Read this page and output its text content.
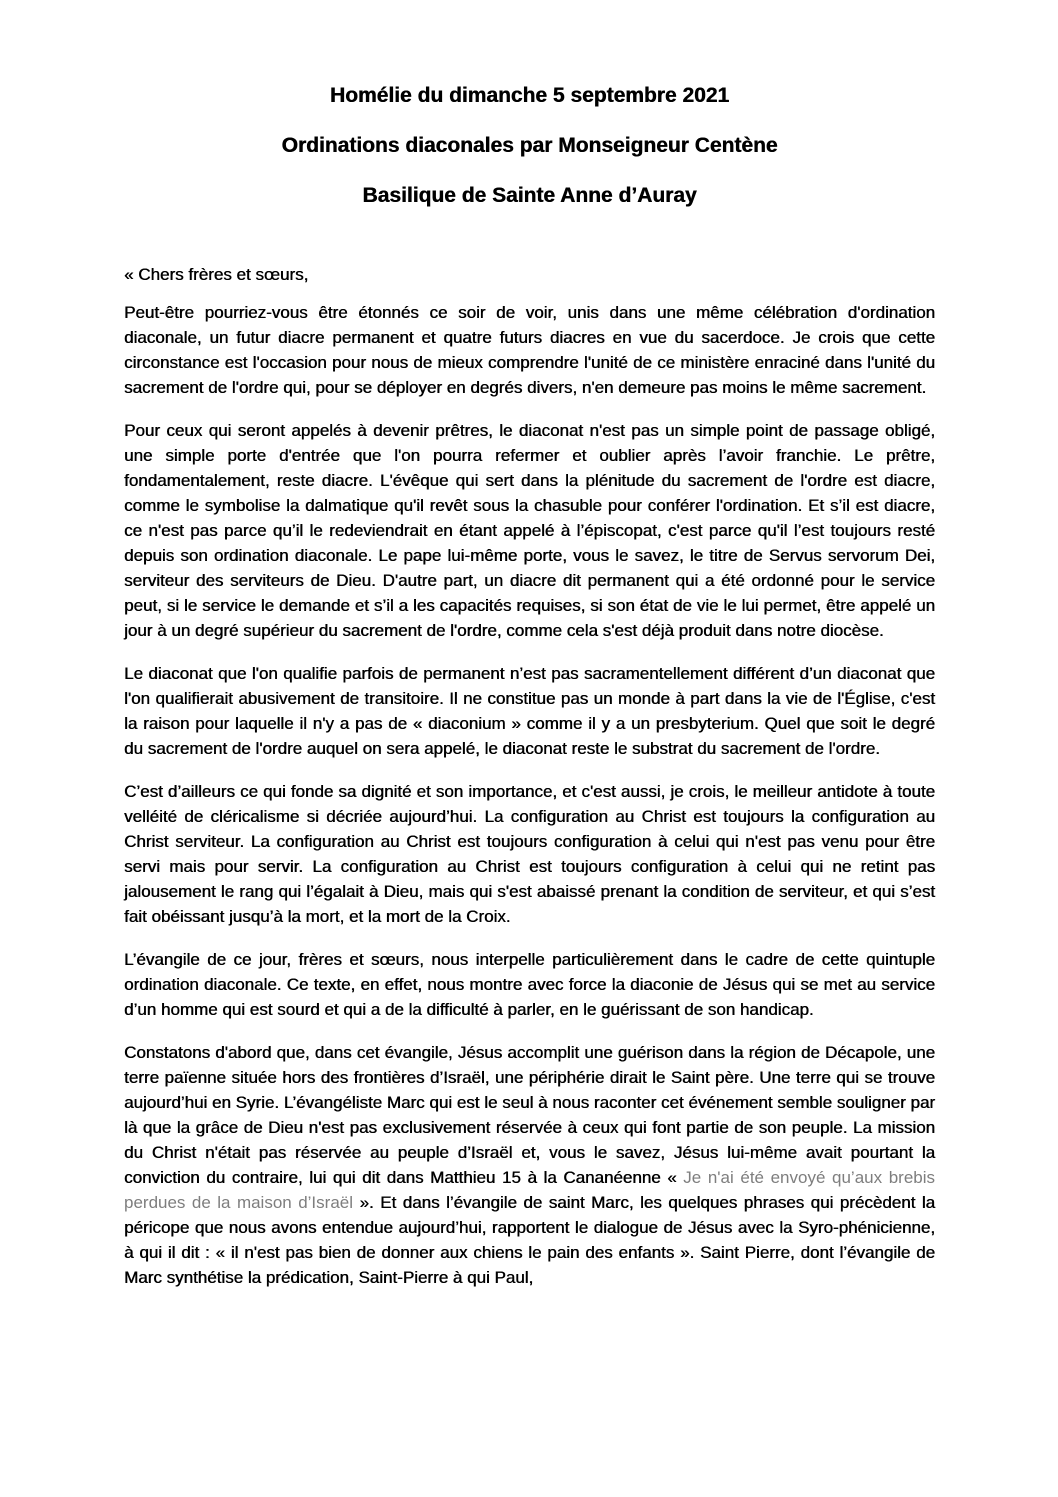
Homélie du dimanche 5 septembre 2021
Ordinations diaconales par Monseigneur Centène
Basilique de Sainte Anne d’Auray

« Chers frères et sœurs,

Peut-être pourriez-vous être étonnés ce soir de voir, unis dans une même célébration d'ordination diaconale, un futur diacre permanent et quatre futurs diacres en vue du sacerdoce. Je crois que cette circonstance est l'occasion pour nous de mieux comprendre l'unité de ce ministère enraciné dans l'unité du sacrement de l'ordre qui, pour se déployer en degrés divers, n'en demeure pas moins le même sacrement.

Pour ceux qui seront appelés à devenir prêtres, le diaconat n'est pas un simple point de passage obligé, une simple porte d'entrée que l'on pourra refermer et oublier après l’avoir franchie. Le prêtre, fondamentalement, reste diacre. L'évêque qui sert dans la plénitude du sacrement de l'ordre est diacre, comme le symbolise la dalmatique qu'il revêt sous la chasuble pour conférer l'ordination. Et s’il est diacre, ce n'est pas parce qu’il le redeviendrait en étant appelé à l’épiscopat, c'est parce qu'il l’est toujours resté depuis son ordination diaconale. Le pape lui-même porte, vous le savez, le titre de Servus servorum Dei, serviteur des serviteurs de Dieu. D'autre part, un diacre dit permanent qui a été ordonné pour le service peut, si le service le demande et s’il a les capacités requises, si son état de vie le lui permet, être appelé un jour à un degré supérieur du sacrement de l'ordre, comme cela s'est déjà produit dans notre diocèse.

Le diaconat que l'on qualifie parfois de permanent n’est pas sacramentellement différent d’un diaconat que l'on qualifierait abusivement de transitoire. Il ne constitue pas un monde à part dans la vie de l'Église, c'est la raison pour laquelle il n'y a pas de « diaconium » comme il y a un presbyterium. Quel que soit le degré du sacrement de l'ordre auquel on sera appelé, le diaconat reste le substrat du sacrement de l'ordre.

C’est d’ailleurs ce qui fonde sa dignité et son importance, et c'est aussi, je crois, le meilleur antidote à toute velléité de cléricalisme si décriée aujourd’hui. La configuration au Christ est toujours la configuration au Christ serviteur. La configuration au Christ est toujours configuration à celui qui n'est pas venu pour être servi mais pour servir. La configuration au Christ est toujours configuration à celui qui ne retint pas jalousement le rang qui l’égalait à Dieu, mais qui s'est abaissé prenant la condition de serviteur, et qui s’est fait obéissant jusqu’à la mort, et la mort de la Croix.

L’évangile de ce jour, frères et sœurs, nous interpelle particulièrement dans le cadre de cette quintuple ordination diaconale. Ce texte, en effet, nous montre avec force la diaconie de Jésus qui se met au service d’un homme qui est sourd et qui a de la difficulté à parler, en le guérissant de son handicap.

Constatons d'abord que, dans cet évangile, Jésus accomplit une guérison dans la région de Décapole, une terre païenne située hors des frontières d’Israël, une périphérie dirait le Saint père. Une terre qui se trouve aujourd’hui en Syrie. L’évangéliste Marc qui est le seul à nous raconter cet événement semble souligner par là que la grâce de Dieu n'est pas exclusivement réservée à ceux qui font partie de son peuple. La mission du Christ n'était pas réservée au peuple d’Israël et, vous le savez, Jésus lui-même avait pourtant la conviction du contraire, lui qui dit dans Matthieu 15 à la Cananéenne « Je n'ai été envoyé qu’aux brebis perdues de la maison d’Israël ». Et dans l’évangile de saint Marc, les quelques phrases qui précèdent la péricope que nous avons entendue aujourd’hui, rapportent le dialogue de Jésus avec la Syro-phénicienne, à qui il dit : « il n'est pas bien de donner aux chiens le pain des enfants ». Saint Pierre, dont l’évangile de Marc synthétise la prédication, Saint-Pierre à qui Paul,
